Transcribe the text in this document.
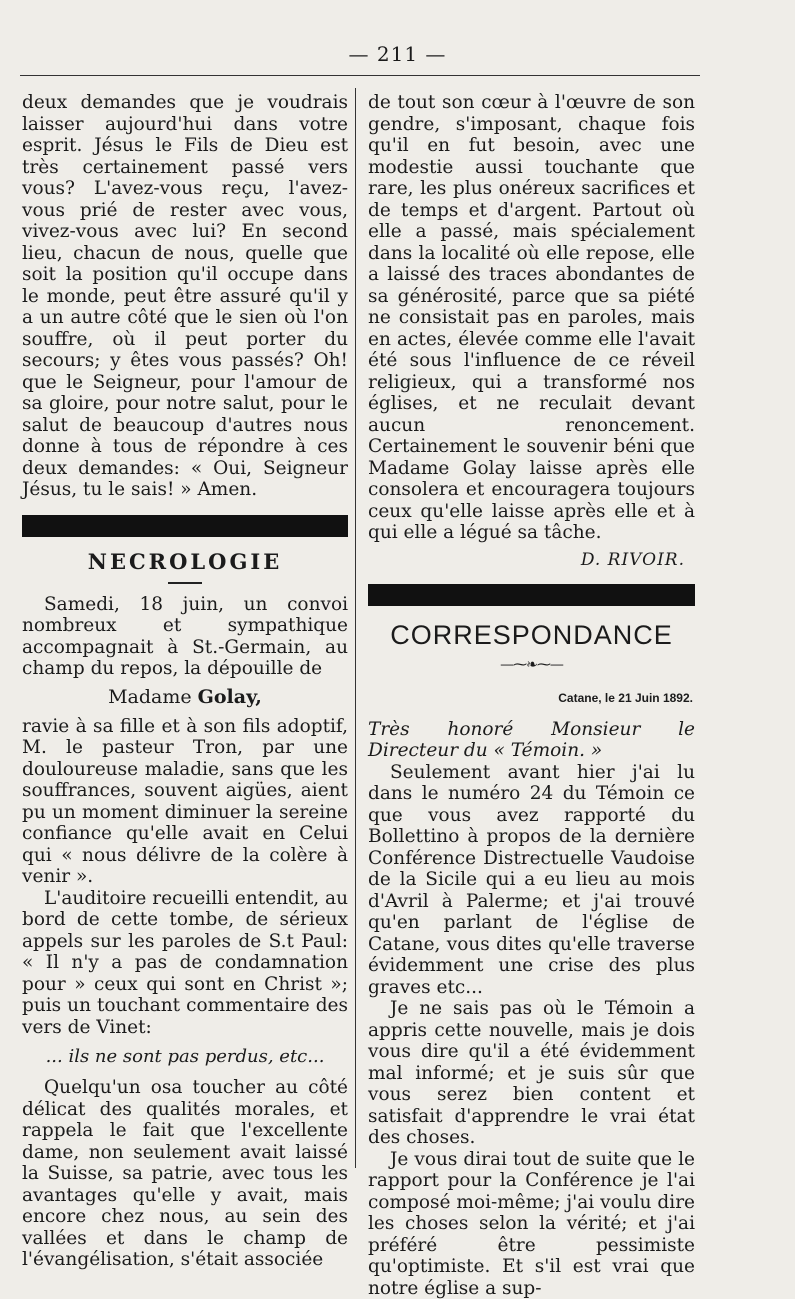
— 211 —

deux demandes que je voudrais laisser aujourd'hui dans votre esprit. Jésus le Fils de Dieu est très certainement passé vers vous? L'avez-vous reçu, l'avez-vous prié de rester avec vous, vivez-vous avec lui? En second lieu, chacun de nous, quelle que soit la position qu'il occupe dans le monde, peut être assuré qu'il y a un autre côté que le sien où l'on souffre, où il peut porter du secours; y êtes vous passés? Oh! que le Seigneur, pour l'amour de sa gloire, pour notre salut, pour le salut de beaucoup d'autres nous donne à tous de répondre à ces deux demandes: « Oui, Seigneur Jésus, tu le sais! » Amen.

NECROLOGIE

Samedi, 18 juin, un convoi nombreux et sympathique accompagnait à St.-Germain, au champ du repos, la dépouille de

Madame Golay,

ravie à sa fille et à son fils adoptif, M. le pasteur Tron, par une douloureuse maladie, sans que les souffrances, souvent aigües, aient pu un moment diminuer la sereine confiance qu'elle avait en Celui qui « nous délivre de la colère à venir ».

L'auditoire recueilli entendit, au bord de cette tombe, de sérieux appels sur les paroles de S.t Paul: « Il n'y a pas de condamnation pour » ceux qui sont en Christ »; puis un touchant commentaire des vers de Vinet:

... ils ne sont pas perdus, etc...

Quelqu'un osa toucher au côté délicat des qualités morales, et rappela le fait que l'excellente dame, non seulement avait laissé la Suisse, sa patrie, avec tous les avantages qu'elle y avait, mais encore chez nous, au sein des vallées et dans le champ de l'évangélisation, s'était associée

de tout son cœur à l'œuvre de son gendre, s'imposant, chaque fois qu'il en fut besoin, avec une modestie aussi touchante que rare, les plus onéreux sacrifices et de temps et d'argent. Partout où elle a passé, mais spécialement dans la localité où elle repose, elle a laissé des traces abondantes de sa générosité, parce que sa piété ne consistait pas en paroles, mais en actes, élevée comme elle l'avait été sous l'influence de ce réveil religieux, qui a transformé nos églises, et ne reculait devant aucun renoncement. Certainement le souvenir béni que Madame Golay laisse après elle consolera et encouragera toujours ceux qu'elle laisse après elle et à qui elle a légué sa tâche.

D. RIVOIR.
CORRESPONDANCE
—⁓❧⁓—
Catane, le 21 Juin 1892.

Très honoré Monsieur le Directeur du « Témoin. »

Seulement avant hier j'ai lu dans le numéro 24 du Témoin ce que vous avez rapporté du Bollettino à propos de la dernière Conférence Distrectuelle Vaudoise de la Sicile qui a eu lieu au mois d'Avril à Palerme; et j'ai trouvé qu'en parlant de l'église de Catane, vous dites qu'elle traverse évidemment une crise des plus graves etc...

Je ne sais pas où le Témoin a appris cette nouvelle, mais je dois vous dire qu'il a été évidemment mal informé; et je suis sûr que vous serez bien content et satisfait d'apprendre le vrai état des choses.

Je vous dirai tout de suite que le rapport pour la Conférence je l'ai composé moi-même; j'ai voulu dire les choses selon la vérité; et j'ai préféré être pessimiste qu'optimiste. Et s'il est vrai que notre église a sup-
